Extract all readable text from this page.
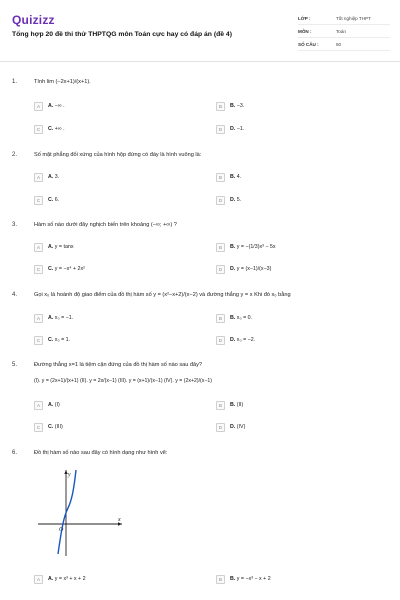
Quizizz
Tổng hợp 20 đề thi thử THPTQG môn Toán cực hay có đáp án (đề 4)
LỚP :	Tốt nghiệp THPT
MÔN :	Toán
SỐ CÂU :	50
1.	Tính lim (−2x+1)/(x+1).
A	A. −∞ .	B	B. −3.
C	C. +∞ .	D	D. −1.
2.	Số mặt phẳng đối xứng của hình hộp đứng có đáy là hình vuông là:
A	A. 3.	B	B. 4.
C	C. 6.	D	D. 5.
3.	Hàm số nào dưới đây nghịch biến trên khoảng (−∞; +∞) ?
A	A. y = tanx	B	B. y = −(1/3)x³ − 5x
C	C. y = −x⁴ + 2x²	D	D. y = (x−1)/(x−3)
4.	Gọi x₀ là hoành độ giao điểm của đồ thị hàm số y = (x²−x+2)/(x−2) và đường thẳng y = x Khi đó x₀ bằng
A	A. x₀ = −1.	B	B. x₀ = 0.
C	C. x₀ = 1.	D	D. x₀ = −2.
5.	Đường thẳng x=1 là tiệm cận đứng của đồ thị hàm số nào sau đây?
(I). y = (2x+1)/(x+1) (II). y = 2x/(x−1) (III). y = (x+1)/(x−1) (IV). y = (2x+2)/(x−1)
A	A. (I)	B	B. (II)
C	C. (III)	D	D. (IV)
6.	Đồ thị hàm số nào sau đây có hình dạng như hình vẽ:
y
x
O
A	A. y = x³ + x + 2	B	B. y = −x³ − x + 2
